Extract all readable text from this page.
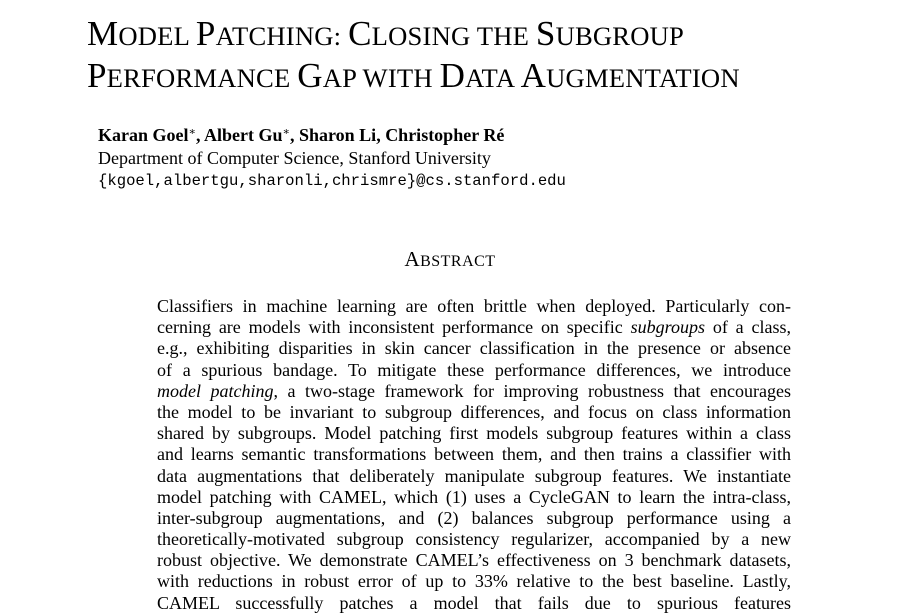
MODEL PATCHING: CLOSING THE SUBGROUP
PERFORMANCE GAP WITH DATA AUGMENTATION
Karan Goel∗, Albert Gu∗, Sharon Li, Christopher Ré
Department of Computer Science, Stanford University
{kgoel,albertgu,sharonli,chrismre}@cs.stanford.edu
ABSTRACT
Classifiers in machine learning are often brittle when deployed. Particularly con-
cerning are models with inconsistent performance on specific subgroups of a class,
e.g., exhibiting disparities in skin cancer classification in the presence or absence
of a spurious bandage. To mitigate these performance differences, we introduce
model patching, a two-stage framework for improving robustness that encourages
the model to be invariant to subgroup differences, and focus on class information
shared by subgroups. Model patching first models subgroup features within a class
and learns semantic transformations between them, and then trains a classifier with
data augmentations that deliberately manipulate subgroup features. We instantiate
model patching with CAMEL, which (1) uses a CycleGAN to learn the intra-class,
inter-subgroup augmentations, and (2) balances subgroup performance using a
theoretically-motivated subgroup consistency regularizer, accompanied by a new
robust objective. We demonstrate CAMEL’s effectiveness on 3 benchmark datasets,
with reductions in robust error of up to 33% relative to the best baseline. Lastly,
CAMEL successfully patches a model that fails due to spurious features
